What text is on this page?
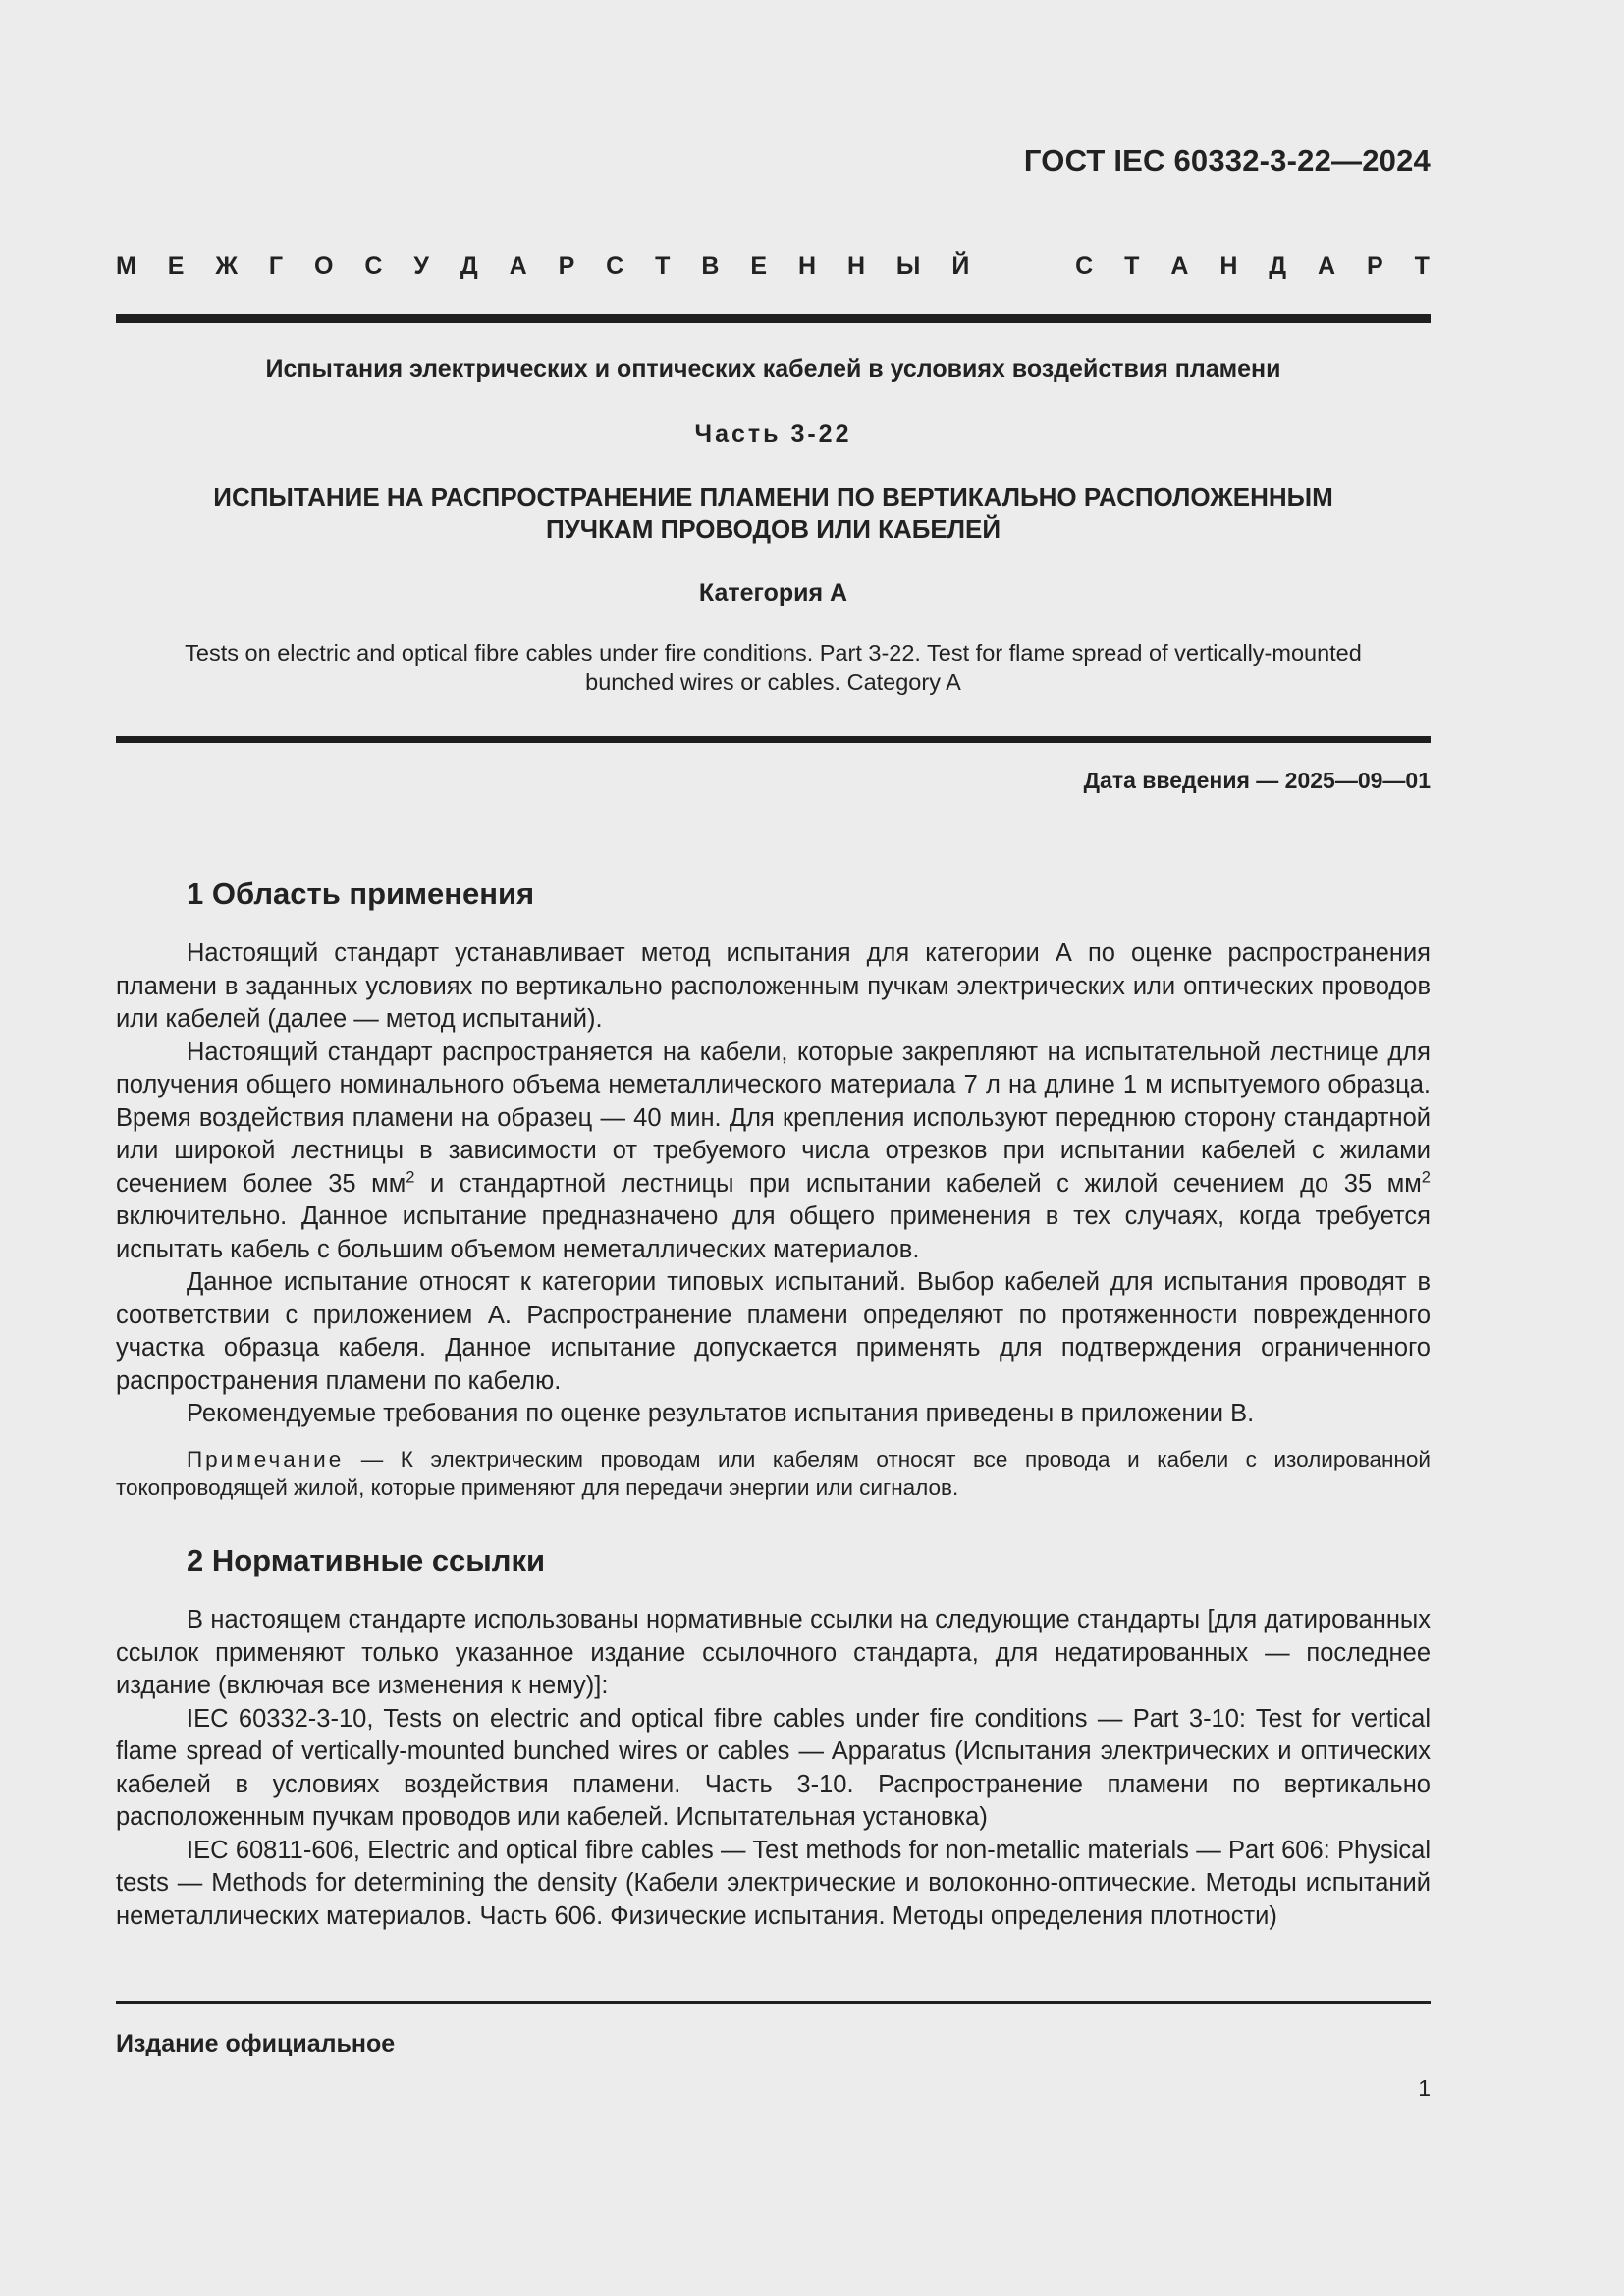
ГОСТ IEC 60332-3-22—2024
М Е Ж Г О С У Д А Р С Т В Е Н Н Ы Й	С Т А Н Д А Р Т
Испытания электрических и оптических кабелей в условиях воздействия пламени
Часть 3-22
ИСПЫТАНИЕ НА РАСПРОСТРАНЕНИЕ ПЛАМЕНИ ПО ВЕРТИКАЛЬНО РАСПОЛОЖЕННЫМ
ПУЧКАМ ПРОВОДОВ ИЛИ КАБЕЛЕЙ
Категория А
Tests on electric and optical fibre cables under fire conditions. Part 3-22. Test for flame spread of vertically-mounted
bunched wires or cables. Category A
Дата введения — 2025—09—01
1 Область применения

Настоящий стандарт устанавливает метод испытания для категории А по оценке распространения пламени в заданных условиях по вертикально расположенным пучкам электрических или оптических проводов или кабелей (далее — метод испытаний).

Настоящий стандарт распространяется на кабели, которые закрепляют на испытательной лестнице для получения общего номинального объема неметаллического материала 7 л на длине 1 м испытуемого образца. Время воздействия пламени на образец — 40 мин. Для крепления используют переднюю сторону стандартной или широкой лестницы в зависимости от требуемого числа отрезков при испытании кабелей с жилами сечением более 35 $мм^2$ и стандартной лестницы при испытании кабелей с жилой сечением до 35 $мм^2$ включительно. Данное испытание предназначено для общего применения в тех случаях, когда требуется испытать кабель с большим объемом неметаллических материалов.

Данное испытание относят к категории типовых испытаний. Выбор кабелей для испытания проводят в соответствии с приложением А. Распространение пламени определяют по протяженности поврежденного участка образца кабеля. Данное испытание допускается применять для подтверждения ограниченного распространения пламени по кабелю.

Рекомендуемые требования по оценке результатов испытания приведены в приложении В.

Примечание — К электрическим проводам или кабелям относят все провода и кабели с изолированной токопроводящей жилой, которые применяют для передачи энергии или сигналов.

2 Нормативные ссылки

В настоящем стандарте использованы нормативные ссылки на следующие стандарты [для датированных ссылок применяют только указанное издание ссылочного стандарта, для недатированных — последнее издание (включая все изменения к нему)]:

IEC 60332-3-10, Tests on electric and optical fibre cables under fire conditions — Part 3-10: Test for vertical flame spread of vertically-mounted bunched wires or cables — Apparatus (Испытания электрических и оптических кабелей в условиях воздействия пламени. Часть 3-10. Распространение пламени по вертикально расположенным пучкам проводов или кабелей. Испытательная установка)

IEC 60811-606, Electric and optical fibre cables — Test methods for non-metallic materials — Part 606: Physical tests — Methods for determining the density (Кабели электрические и волоконно-оптические. Методы испытаний неметаллических материалов. Часть 606. Физические испытания. Методы определения плотности)

Издание официальное
1
